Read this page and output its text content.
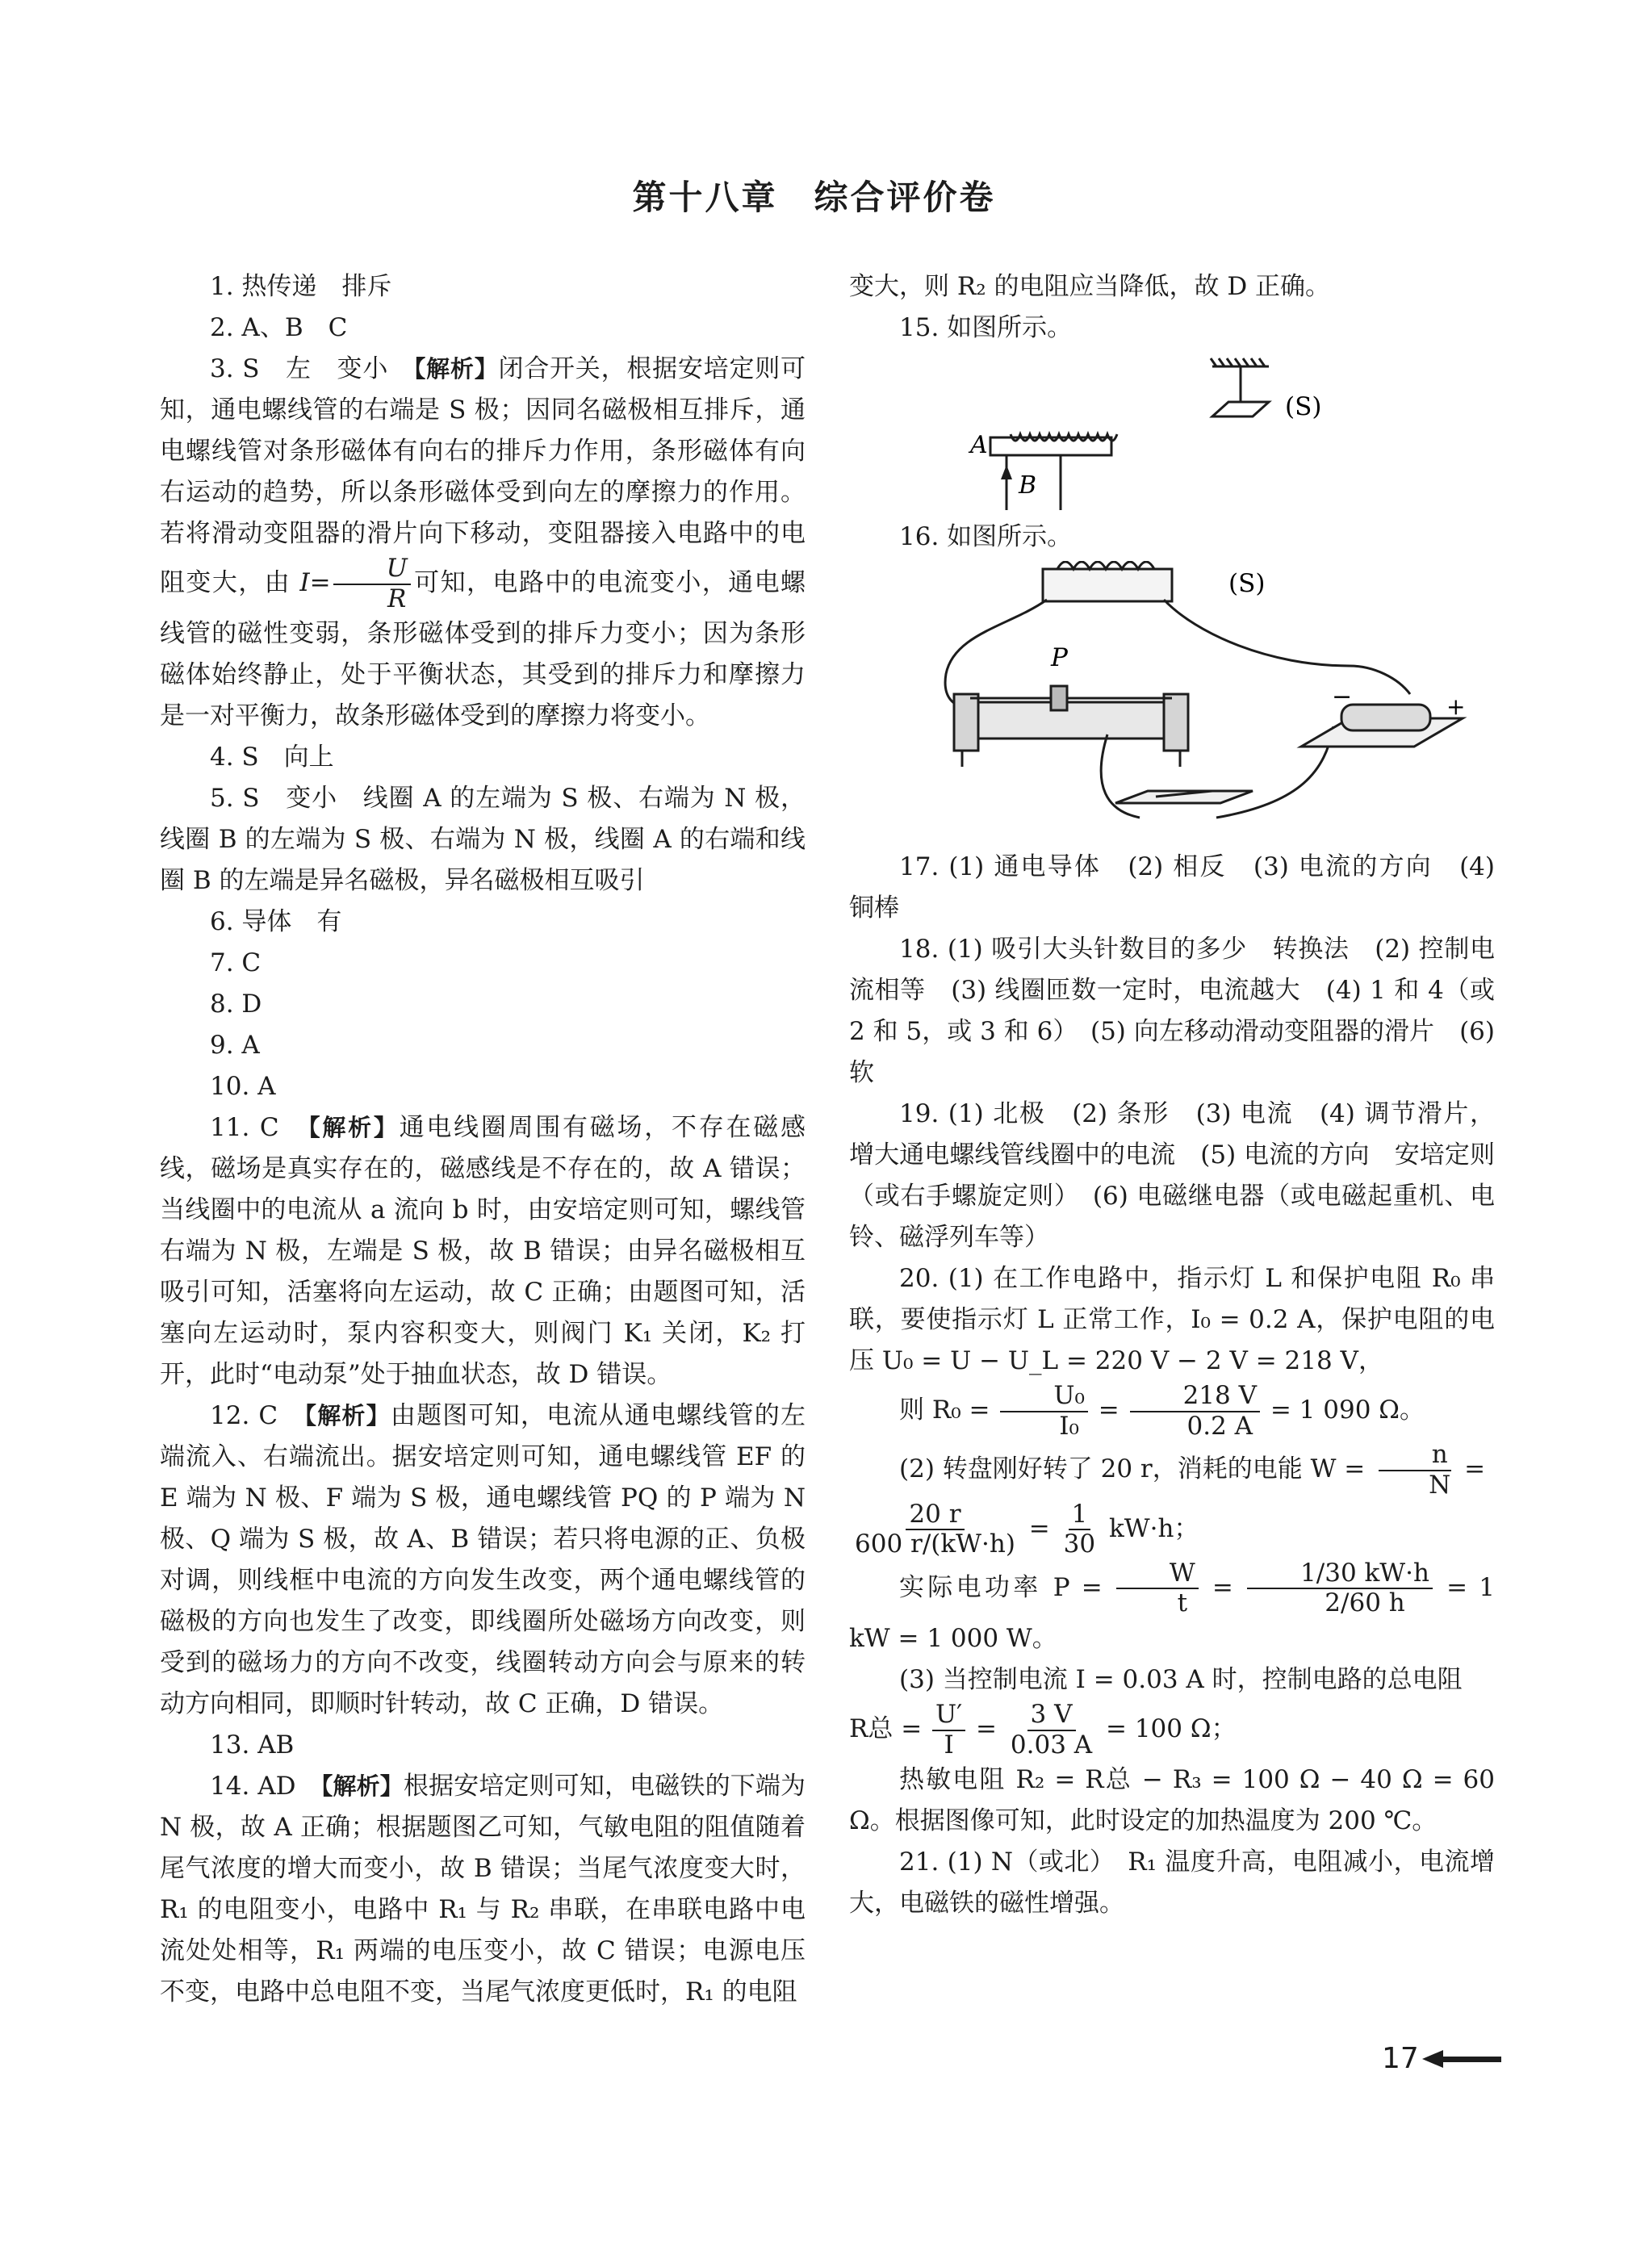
第十八章　综合评价卷

1. 热传递　排斥

2. A、B　C

3. S　左　变小　【解析】闭合开关，根据安培定则可知，通电螺线管的右端是 S 极；因同名磁极相互排斥，通电螺线管对条形磁体有向右的排斥力作用，条形磁体有向右运动的趋势，所以条形磁体受到向左的摩擦力的作用。若将滑动变阻器的滑片向下移动，变阻器接入电路中的电阻变大，由 $I= \frac{U}{R}$ 可知，电路中的电流变小，通电螺线管的磁性变弱，条形磁体受到的排斥力变小；因为条形磁体始终静止，处于平衡状态，其受到的排斥力和摩擦力是一对平衡力，故条形磁体受到的摩擦力将变小。

4. S　向上

5. S　变小　线圈 A 的左端为 S 极、右端为 N 极，线圈 B 的左端为 S 极、右端为 N 极，线圈 A 的右端和线圈 B 的左端是异名磁极，异名磁极相互吸引

6. 导体　有

7. C

8. D

9. A

10. A

11. C　【解析】通电线圈周围有磁场，不存在磁感线，磁场是真实存在的，磁感线是不存在的，故 A 错误；当线圈中的电流从 a 流向 b 时，由安培定则可知，螺线管右端为 N 极，左端是 S 极，故 B 错误；由异名磁极相互吸引可知，活塞将向左运动，故 C 正确；由题图可知，活塞向左运动时，泵内容积变大，则阀门 K₁ 关闭，K₂ 打开，此时“电动泵”处于抽血状态，故 D 错误。

12. C　【解析】由题图可知，电流从通电螺线管的左端流入、右端流出。据安培定则可知，通电螺线管 EF 的 E 端为 N 极、F 端为 S 极，通电螺线管 PQ 的 P 端为 N 极、Q 端为 S 极，故 A、B 错误；若只将电源的正、负极对调，则线框中电流的方向发生改变，两个通电螺线管的磁极的方向也发生了改变，即线圈所处磁场方向改变，则受到的磁场力的方向不改变，线圈转动方向会与原来的转动方向相同，即顺时针转动，故 C 正确，D 错误。

13. AB

14. AD　【解析】根据安培定则可知，电磁铁的下端为 N 极，故 A 正确；根据题图乙可知，气敏电阻的阻值随着尾气浓度的增大而变小，故 B 错误；当尾气浓度变大时，R₁ 的电阻变小，电路中 R₁ 与 R₂ 串联，在串联电路中电流处处相等，R₁ 两端的电压变小，故 C 错误；电源电压不变，电路中总电阻不变，当尾气浓度更低时，R₁ 的电阻

变大，则 R₂ 的电阻应当降低，故 D 正确。

15. 如图所示。

(S)
A
B

16. 如图所示。

(S)
P
−	+

17. (1) 通电导体　(2) 相反　(3) 电流的方向　(4) 铜棒

18. (1) 吸引大头针数目的多少　转换法　(2) 控制电流相等　(3) 线圈匝数一定时，电流越大　(4) 1 和 4（或 2 和 5，或 3 和 6）　(5) 向左移动滑动变阻器的滑片　(6) 软

19. (1) 北极　(2) 条形　(3) 电流　(4) 调节滑片，增大通电螺线管线圈中的电流　(5) 电流的方向　安培定则（或右手螺旋定则）　(6) 电磁继电器（或电磁起重机、电铃、磁浮列车等）

20. (1) 在工作电路中，指示灯 L 和保护电阻 R₀ 串联，要使指示灯 L 正常工作，I₀ = 0.2 A，保护电阻的电压 U₀ = U − U_L = 220 V − 2 V = 218 V，

则 $R_0 = \frac{\text{U₀}}{\text{I₀}} = \frac{218 V}{0.2 A} = 1$ 090 Ω。

(2) 转盘刚好转了 20 r，消耗的电能 $W = \frac{n}{N}$ =

$\frac{20 r}{600 r/(kW\cdot h)} = \frac{1}{30} kW\cdot h$；

实际电功率 $P = \frac{W}{t} = \frac{1/30 kW\cdot h}{2/60 h} = 1$ kW = 1 000 W。

(3) 当控制电流 I = 0.03 A 时，控制电路的总电阻

R总 = $\frac{U'}{I} = \frac{3 V}{0.03 A} = 100$ Ω；

热敏电阻 R₂ = R总 − R₃ = 100 Ω − 40 Ω = 60 Ω。根据图像可知，此时设定的加热温度为 200 ℃。

21. (1) N（或北）　R₁ 温度升高，电阻减小，电流增大，电磁铁的磁性增强。

17
